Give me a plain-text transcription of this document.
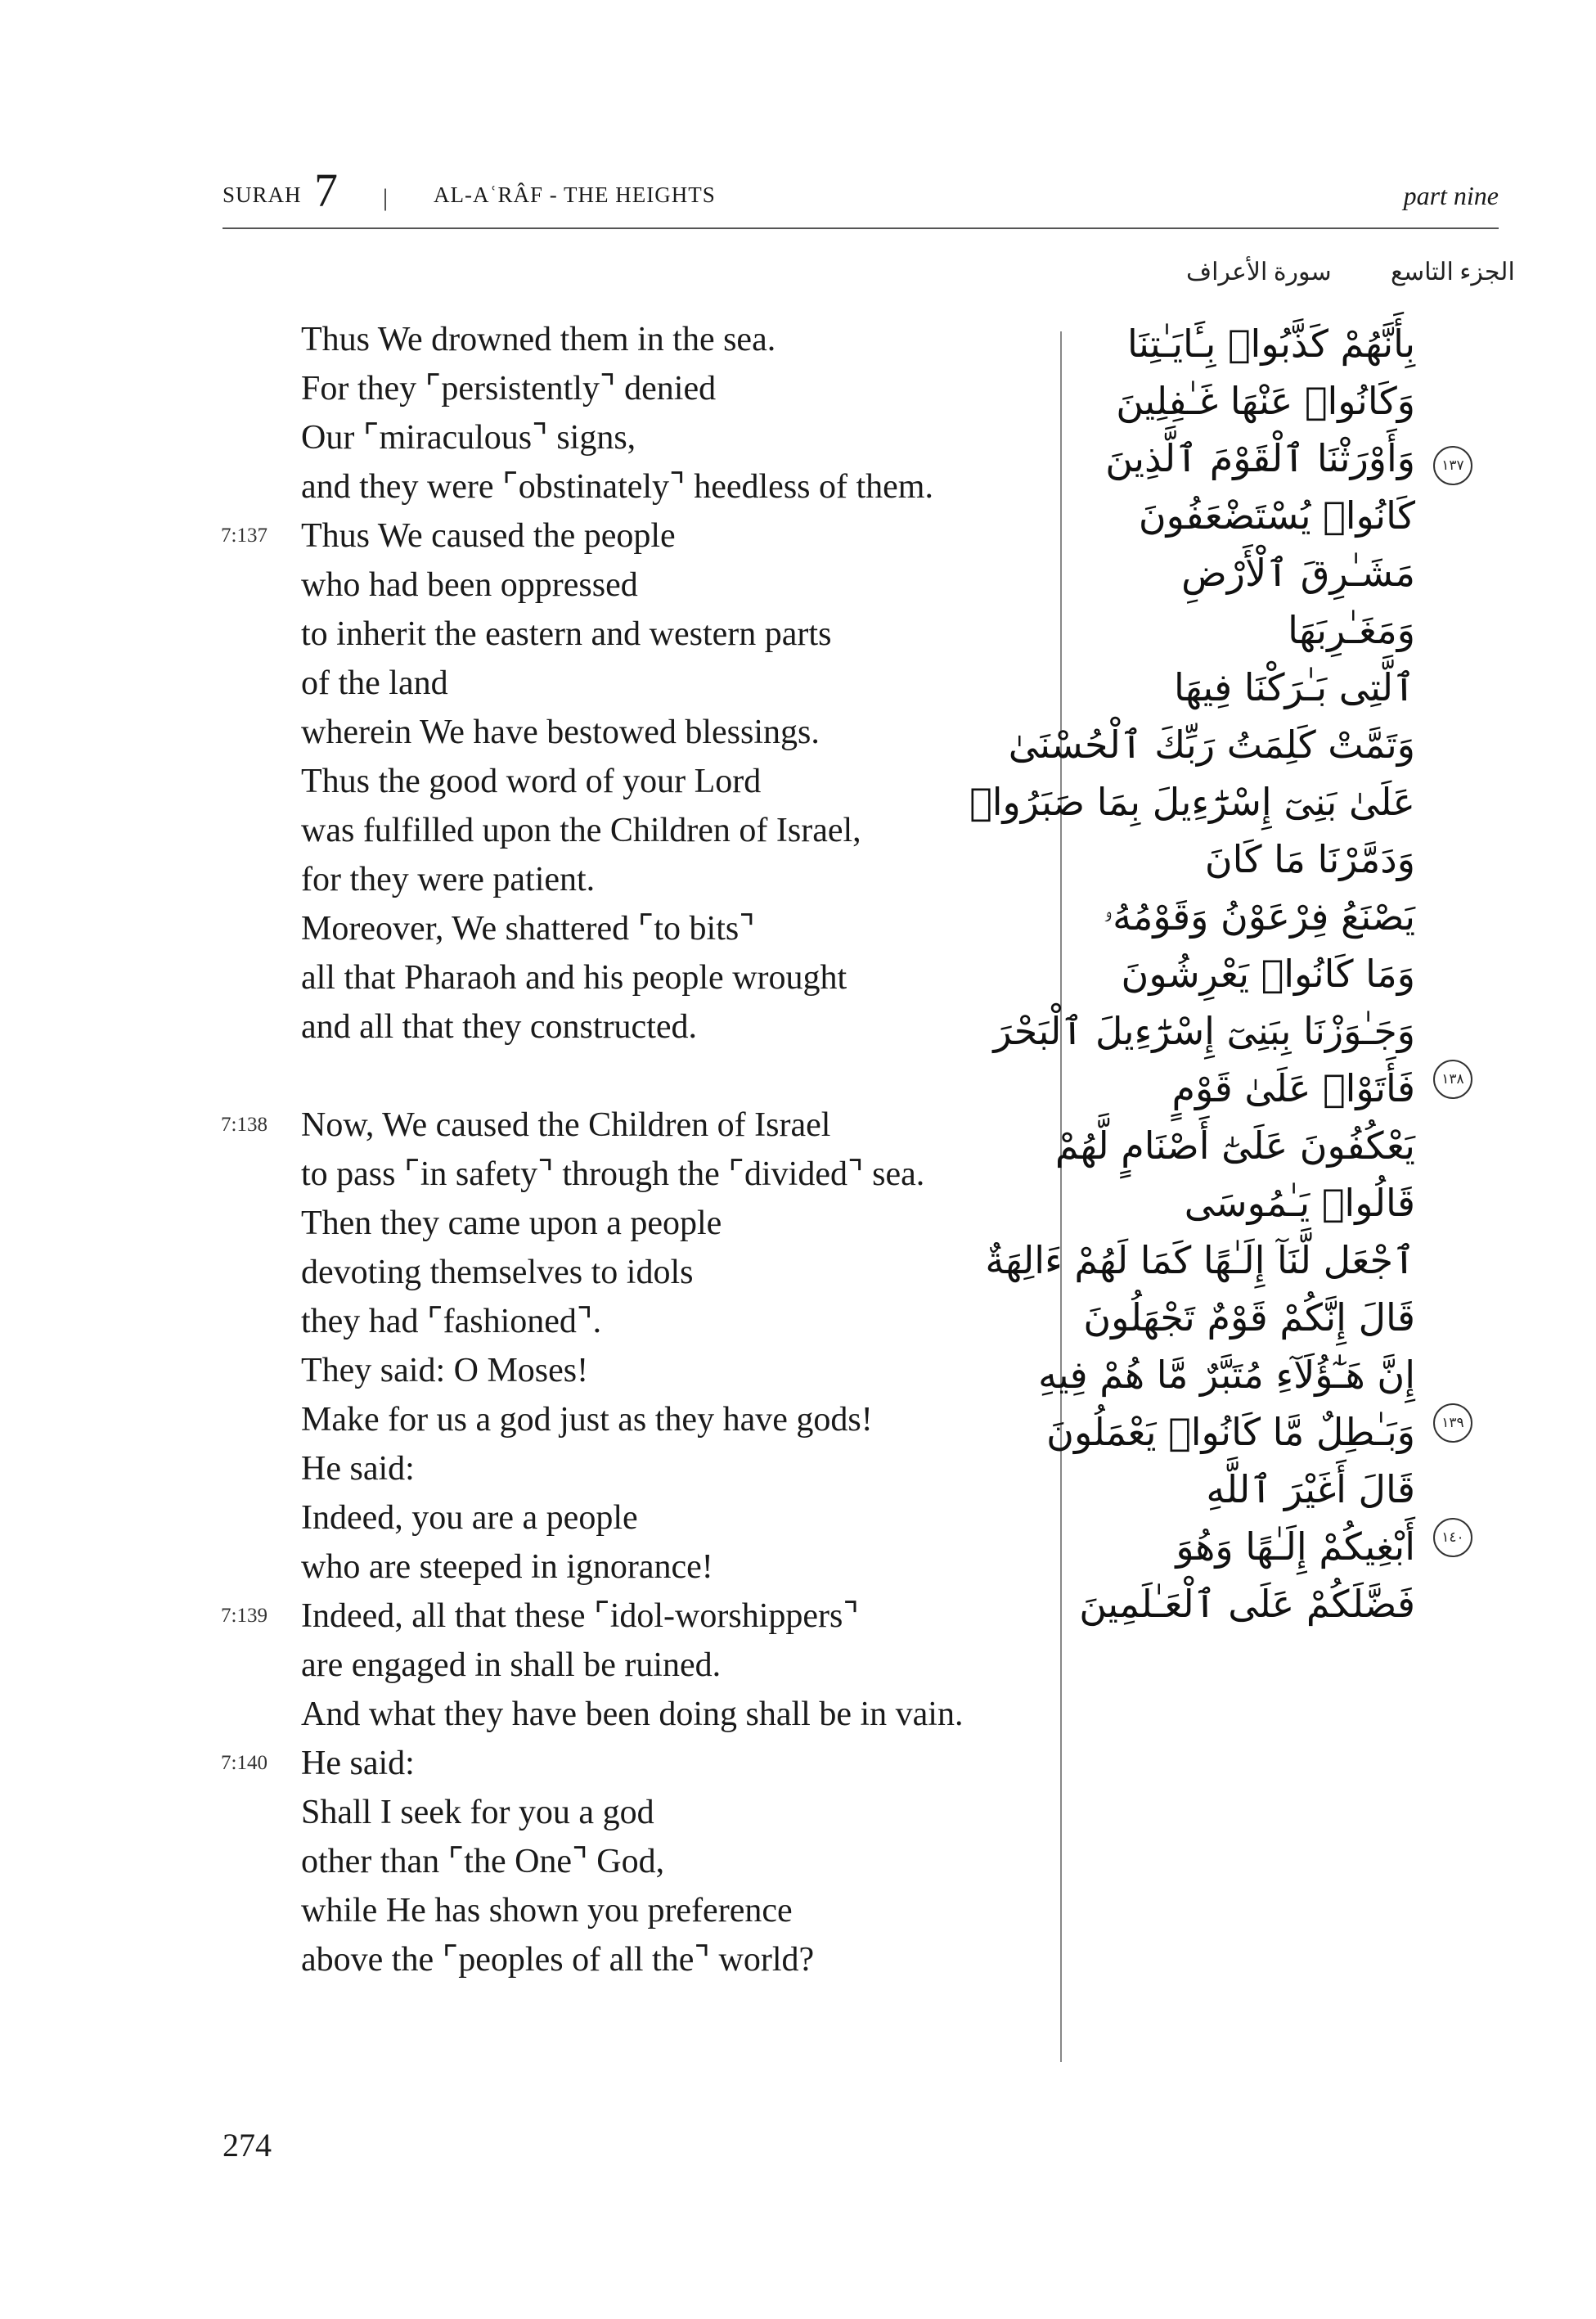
SURAH 7 | AL-AʿRÂF - THE HEIGHTS	part nine
الجزء التاسع
سورة الأعراف
7:137
7:138
7:139
7:140
Thus We drowned them in the sea.
For they ⌜persistently⌝ denied
Our ⌜miraculous⌝ signs,
and they were ⌜obstinately⌝ heedless of them.
Thus We caused the people
who had been oppressed
to inherit the eastern and western parts
of the land
wherein We have bestowed blessings.
Thus the good word of your Lord
was fulfilled upon the Children of Israel,
for they were patient.
Moreover, We shattered ⌜to bits⌝
all that Pharaoh and his people wrought
and all that they constructed.
Now, We caused the Children of Israel
to pass ⌜in safety⌝ through the ⌜divided⌝ sea.
Then they came upon a people
devoting themselves to idols
they had ⌜fashioned⌝.
They said: O Moses!
Make for us a god just as they have gods!
He said:
Indeed, you are a people
who are steeped in ignorance!
Indeed, all that these ⌜idol-worshippers⌝
are engaged in shall be ruined.
And what they have been doing shall be in vain.
He said:
Shall I seek for you a god
other than ⌜the One⌝ God,
while He has shown you preference
above the ⌜peoples of all the⌝ world?
بِأَنَّهُمْ كَذَّبُوا۟ بِـَٔايَـٰتِنَا
وَكَانُوا۟ عَنْهَا غَـٰفِلِينَ
وَأَوْرَثْنَا ٱلْقَوْمَ ٱلَّذِينَ
كَانُوا۟ يُسْتَضْعَفُونَ
مَشَـٰرِقَ ٱلْأَرْضِ
وَمَغَـٰرِبَهَا
ٱلَّتِى بَـٰرَكْنَا فِيهَا
وَتَمَّتْ كَلِمَتُ رَبِّكَ ٱلْحُسْنَىٰ
عَلَىٰ بَنِىٓ إِسْرَٰٓءِيلَ بِمَا صَبَرُوا۟
وَدَمَّرْنَا مَا كَانَ
يَصْنَعُ فِرْعَوْنُ وَقَوْمُهُۥ
وَمَا كَانُوا۟ يَعْرِشُونَ
وَجَـٰوَزْنَا بِبَنِىٓ إِسْرَٰٓءِيلَ ٱلْبَحْرَ
فَأَتَوْا۟ عَلَىٰ قَوْمٍ
يَعْكُفُونَ عَلَىٰٓ أَصْنَامٍ لَّهُمْ
قَالُوا۟ يَـٰمُوسَى
ٱجْعَل لَّنَآ إِلَـٰهًا كَمَا لَهُمْ ءَالِهَةٌ
قَالَ إِنَّكُمْ قَوْمٌ تَجْهَلُونَ
إِنَّ هَـٰٓؤُلَآءِ مُتَبَّرٌ مَّا هُمْ فِيهِ
وَبَـٰطِلٌ مَّا كَانُوا۟ يَعْمَلُونَ
قَالَ أَغَيْرَ ٱللَّهِ
أَبْغِيكُمْ إِلَـٰهًا وَهُوَ
فَضَّلَكُمْ عَلَى ٱلْعَـٰلَمِينَ
١٣٧
١٣٨
١٣٩
١٤٠
274
